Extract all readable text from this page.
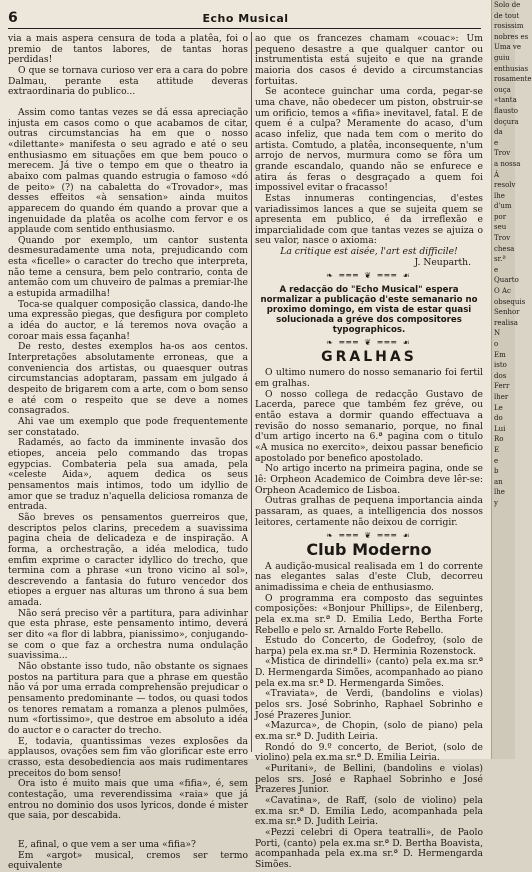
6	Echo Musical

via a mais aspera censura de toda a platêa, foi o premio de tantos labores, de tantas horas perdidas!

O que se tornava curioso ver era a cara do pobre Dalmau, perante esta attitude deveras extraordinaria do publico...

Assim como tantas vezes se dá essa apreciação injusta em casos como o que acabamos de citar, outras circumstancias ha em que o nosso «dilettante» manifesta o seu agrado e até o seu enthusiasmo em situações em que bem pouco o merecem. Já tive o tempo em que o theatro ia abaixo com palmas quando estrugia o famoso «dó de peito» (?) na cabaletta do «Trovador», mas desses effeitos «à sensation» ainda muitos apparecem do quando ém quando a provar que a ingenuidade da platêa os acolhe com fervor e os applaude com sentido enthusiasmo.

Quando por exemplo, um cantor sustenta desmesuradamente uma nota, prejudicando com esta «ficelle» o caracter do trecho que interpreta, não teme a censura, bem pelo contrario, conta de antemão com um chuveiro de palmas a premiar-lhe a estupida armadilha!

Toca-se qualquer composição classica, dando-lhe uma expressão piegas, que desfigura por completo a idéa do auctor, e lá teremos nova ovação a coroar mais essa façanha!

De resto, destes exemplos ha-os aos centos. Interpretações absolutamente erroneas, que a conveniencia dos artistas, ou quaesquer outras circumstancias adoptaram, passam em julgado á despeito de brigarem com a arte, com o bom senso e até com o respeito que se deve a nomes consagrados.

Ahi vae um exemplo que pode frequentemente ser constatado.

Radamés, ao facto da imminente invasão dos etiopes, anceia pelo commando das tropas egypcias. Combateria pela sua amada, pela «celeste Aida», aquem dedica os seus pensamentos mais intimos, todo um idyllio de amor que se traduz n'aquella deliciosa romanza de entrada.

São breves os pensamentos guerreiros que, descriptos pelos clarins, precedem a suavissima pagina cheia de delicadeza e de inspiração. A forma, a orchestração, a idéa melodica, tudo emfim exprime o caracter idyllico do trecho, que termina com a phrase «un trono vicino al sol», descrevendo a fantasia do futuro vencedor dos etiopes a erguer nas alturas um throno á sua bem amada.

Não será preciso vêr a partitura, para adivinhar que esta phrase, este pensamento intimo, deverá ser dito «a flor di labbra, pianissimo», conjugando-se com o que faz a orchestra numa ondulação suavissima...

Não obstante isso tudo, não obstante os signaes postos na partitura para que a phrase em questão não vá por uma errada comprehensão prejudicar o pensamento predominante — todos, ou quasi todos os tenores rematam a romanza a plenos pulmões, num «fortissimo», que destroe em absoluto a idéa do auctor e o caracter do trecho.

E, todavia, quantissimas vezes explosões da applausos, ovações sem fim vão glorificar este erro crasso, esta desobediencia aos mais rudimentares preceitos do bom senso!

Ora isto é muito mais que uma «fifia», é, sem contestação, uma reverendissima «raia» que já entrou no dominio dos usos lyricos, donde é mister que saia, por descabida.

E, afinal, o que vem a ser uma «fifia»?

Em «argot» musical, cremos ser termo equivalente

ao que os francezes chamam «couac»: Um pequeno desastre a que qualquer cantor ou instrumentista está sujeito e que na grande maioria dos casos é devido a circumstancias fortuitas.

Se acontece guinchar uma corda, pegar-se uma chave, não obedecer um piston, obstruir-se um orificio, temos a «fifia» inevitavel, fatal. E de quem é a culpa? Meramente do acaso, d'um acaso infeliz, que nada tem com o merito do artista. Comtudo, a platêa, inconsequente, n'um arrojo de nervos, murmura como se fôra um grande escandalo, quando não se enfurece e atira ás feras o desgraçado a quem foi impossivel evitar o fracasso!

Estas innumeras contingencias, d'estes variadissimos lances a que se sujeita quem se apresenta em publico, é da irreflexão e imparcialidade com que tantas vezes se ajuiza o seu valor, nasce o axioma:

La critique est aisée, l'art est difficile!

J. Neuparth.

❧ ═══ ❦ ═══ ☙

A redacção do "Echo Musical" espera normalizar a publicação d'este semanario no proximo domingo, em vista de estar quasi solucionada a gréve dos compositores typographicos.

❧ ═══ ❦ ═══ ☙
GRALHAS

O ultimo numero do nosso semanario foi fertil em gralhas.

O nosso collega de redacção Gustavo de Lacerda, parece que também fez gréve, ou então estava a dormir quando effectuava a revisão do nosso semanario, porque, no final d'um artigo incerto na 6.ª pagina com o titulo «A musica no exercito», deixou passar beneficio apostolado por benefico apostolado.

No artigo incerto na primeira pagina, onde se lê: Orpheon Academico de Coimbra deve lêr-se: Orpheon Academico de Lisboa.

Outras gralhas de pequena importancia ainda passaram, as quaes, a intelligencia dos nossos leitores, certamente não deixou de corrigir.

❧ ═══ ❦ ═══ ☙
Club Moderno

A audição-musical realisada em 1 do corrente nas elegantes salas d'este Club, decorreu animadissima e cheia de enthusiasmo.

O programma era composto das seguintes composições: «Bonjour Phillips», de Eilenberg, pela ex.ma sr.ª D. Emilia Ledo, Bertha Forte Rebello e pelo sr. Arnaldo Forte Rebello.

Estudo do Concerto, de Godefroy, (solo de harpa) pela ex.ma sr.ª D. Herminia Rozenstock.

«Mistica de dirindelli» (canto) pela ex.ma sr.ª D. Hermengarda Simões, acompanhado ao piano pela ex.ma sr.ª D. Hermengarda Simões.

«Traviata», de Verdi, (bandolins e violas) pelos srs. José Sobrinho, Raphael Sobrinho e José Prazeres Junior.

«Mazurca», de Chopin, (solo de piano) pela ex.ma sr.ª D. Judith Leiria.

Rondó do 9.º concerto, de Beriot, (solo de violino) pela ex.ma sr.ª D. Emilia Leiria.

«Puritani», de Bellini, (bandolins e violas) pelos srs. José e Raphael Sobrinho e José Prazeres Junior.

«Cavatina», de Raff, (solo de violino) pela ex.ma sr.ª D. Emilia Ledo, acompanhada pela ex.ma sr.ª D. Judith Leiria.

«Pezzi celebri di Opera teatralli», de Paolo Porti, (canto) pela ex.ma sr.ª D. Bertha Boavista, acompanhada pela ex.ma sr.ª D. Hermengarda Simões.

Solo de
de tout
rosissim
nobres es
Uma ve
guiu
enthusias
rosamente
ouça
«tanta
flausto
doçura
da
e
Trov
a nossa
Á
resolv
lhe
d'um
por
seu
Trov
chesa
sr.ª
e
Quarto
O Ac
obsequis
Senhor
realisa
N
o
Em
isto
dos
Ferr
lher
Le
do
Lui
Ro
E
e
b
an
lhe
y
